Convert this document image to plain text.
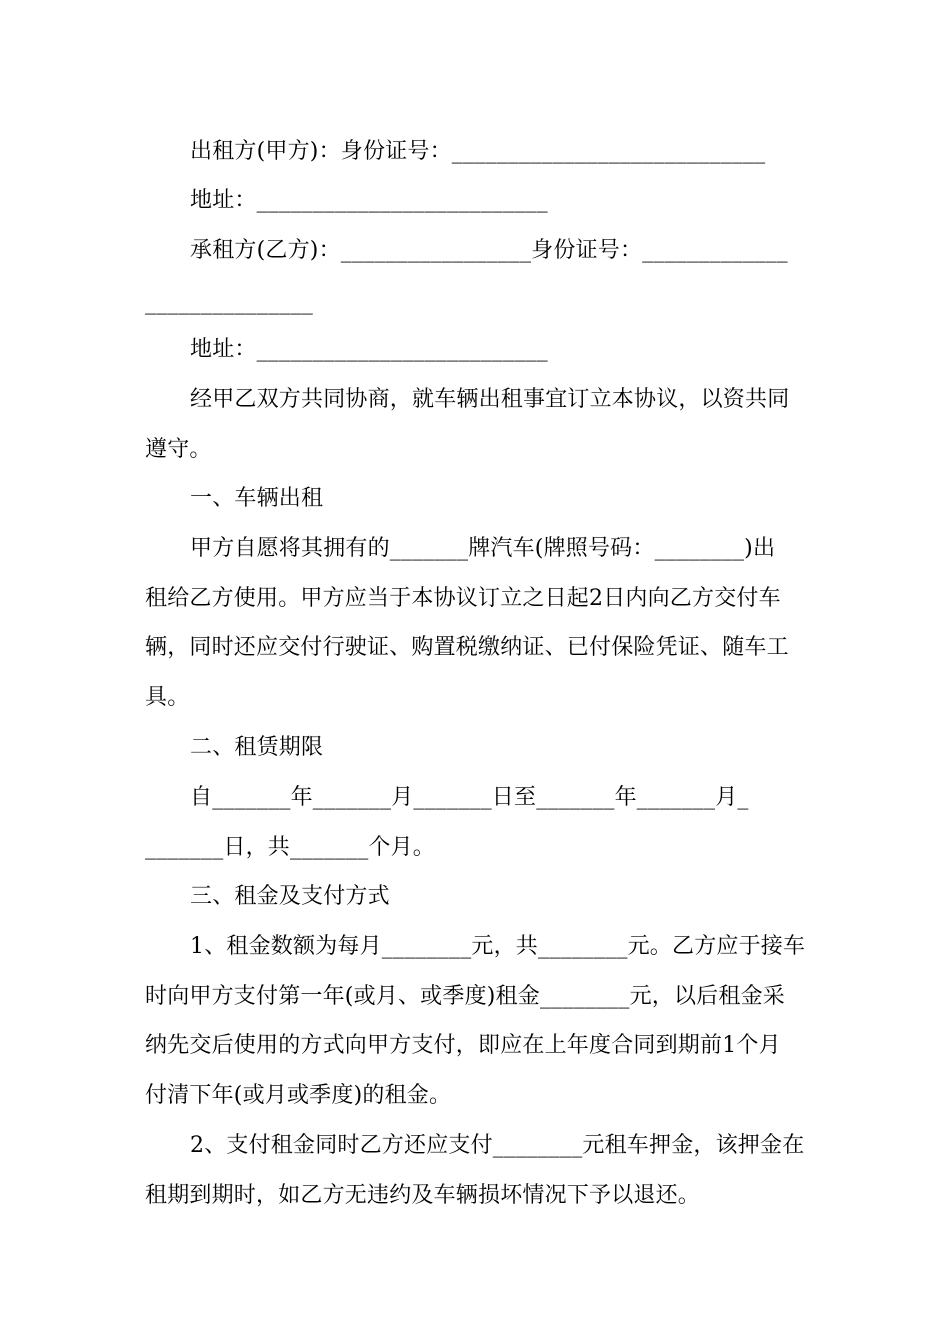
出租方(甲方)：身份证号：____________________________
地址：__________________________
承租方(乙方)：_________________身份证号：_____________
_______________
地址：__________________________
经甲乙双方共同协商，就车辆出租事宜订立本协议，以资共同
遵守。
一、车辆出租
甲方自愿将其拥有的_______牌汽车(牌照号码：________)出
租给乙方使用。甲方应当于本协议订立之日起2日内向乙方交付车
辆，同时还应交付行驶证、购置税缴纳证、已付保险凭证、随车工
具。
二、租赁期限
自_______年_______月_______日至_______年_______月_
_______日，共_______个月。
三、租金及支付方式
1、租金数额为每月________元，共________元。乙方应于接车
时向甲方支付第一年(或月、或季度)租金________元，以后租金采
纳先交后使用的方式向甲方支付，即应在上年度合同到期前1个月
付清下年(或月或季度)的租金。
2、支付租金同时乙方还应支付________元租车押金，该押金在
租期到期时，如乙方无违约及车辆损坏情况下予以退还。
